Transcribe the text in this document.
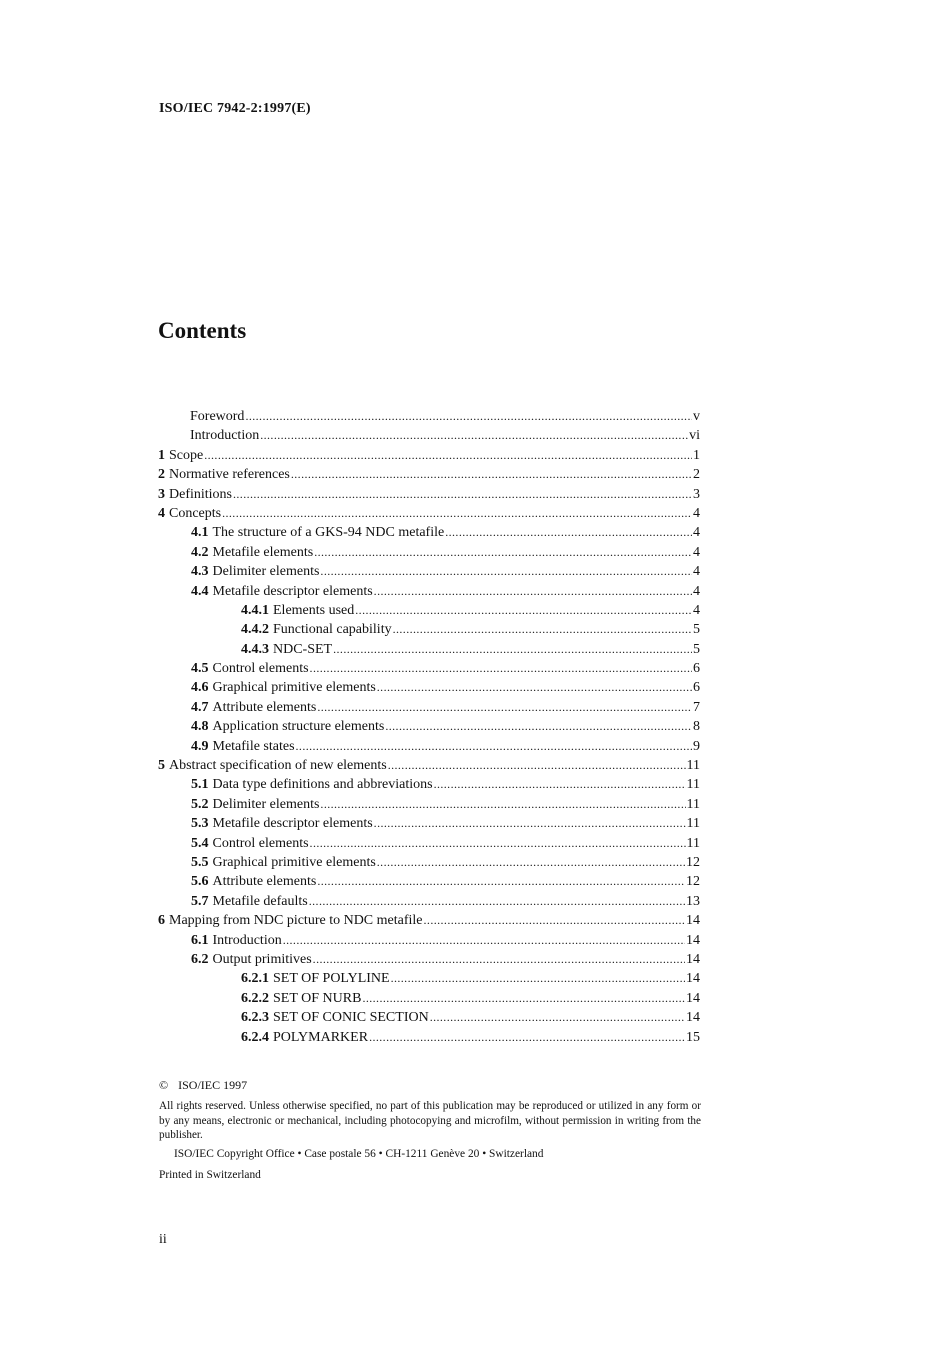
ISO/IEC 7942-2:1997(E)
Contents
Foreword . . .	v
Introduction . . .	vi
1 Scope . . .	1
2 Normative references . . .	2
3 Definitions . . .	3
4 Concepts . . .	4
4.1 The structure of a GKS-94 NDC metafile . . .	4
4.2 Metafile elements . . .	4
4.3 Delimiter elements . . .	4
4.4 Metafile descriptor elements . . .	4
4.4.1 Elements used . . .	4
4.4.2 Functional capability . . .	5
4.4.3 NDC-SET . . .	5
4.5 Control elements . . .	6
4.6 Graphical primitive elements . . .	6
4.7 Attribute elements . . .	7
4.8 Application structure elements . . .	8
4.9 Metafile states . . .	9
5 Abstract specification of new elements . . .	11
5.1 Data type definitions and abbreviations . . .	11
5.2 Delimiter elements . . .	11
5.3 Metafile descriptor elements . . .	11
5.4 Control elements . . .	11
5.5 Graphical primitive elements . . .	12
5.6 Attribute elements . . .	12
5.7 Metafile defaults . . .	13
6 Mapping from NDC picture to NDC metafile . . .	14
6.1 Introduction . . .	14
6.2 Output primitives . . .	14
6.2.1 SET OF POLYLINE . . .	14
6.2.2 SET OF NURB . . .	14
6.2.3 SET OF CONIC SECTION . . .	14
6.2.4 POLYMARKER . . .	15
© ISO/IEC 1997
All rights reserved. Unless otherwise specified, no part of this publication may be reproduced or utilized in any form or by any means, electronic or mechanical, including photocopying and microfilm, without permission in writing from the publisher.
ISO/IEC Copyright Office • Case postale 56 • CH-1211 Genève 20 • Switzerland
Printed in Switzerland
ii
